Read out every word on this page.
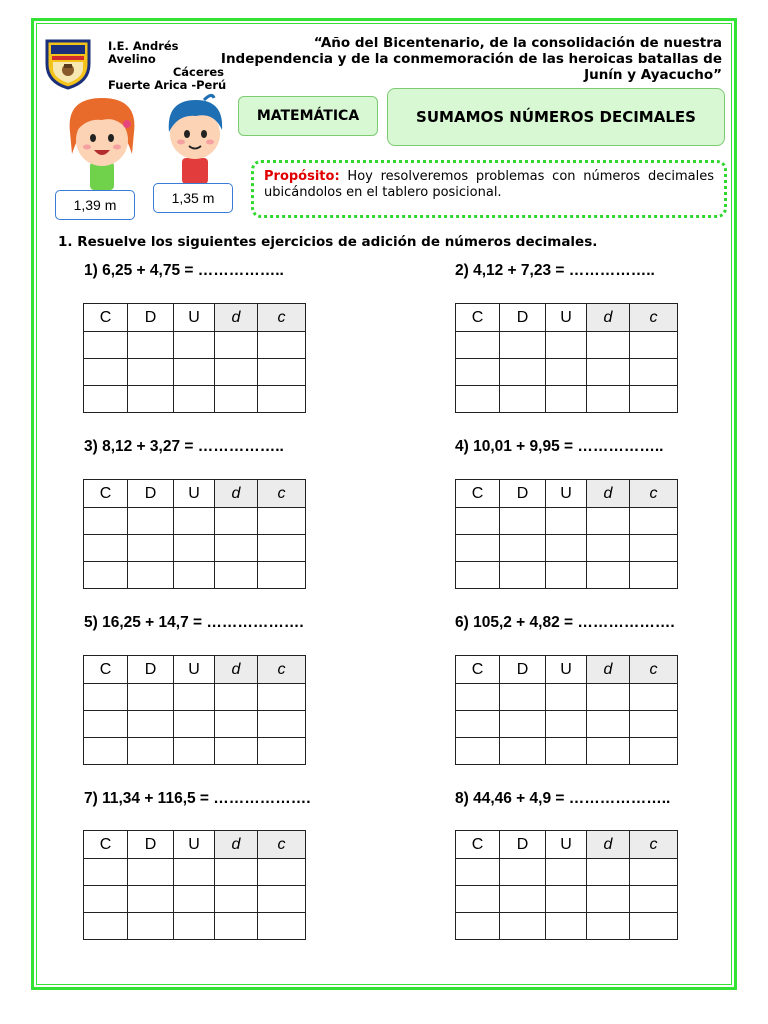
I.E. Andrés Avelino
Cáceres
Fuerte Arica -Perú
“Año del Bicentenario, de la consolidación de nuestra
Independencia y de la conmemoración de las heroicas batallas de
Junín y Ayacucho”
1,39 m	1,35 m
MATEMÁTICA	SUMAMOS NÚMEROS DECIMALES
Propósito: Hoy resolveremos problemas con números decimales ubicándolos en el tablero posicional.
1. Resuelve los siguientes ejercicios de adición de números decimales.
1) 6,25 + 4,75 = ……………..	2) 4,12 + 7,23 = ……………..
3) 8,12 + 3,27 = ……………..	4) 10,01 + 9,95 = ……………..
5) 16,25 + 14,7 = ……………….	6) 105,2 + 4,82 = ……………….
7) 11,34 + 116,5 = ……………….	8) 44,46 + 4,9 = ………………..
C	D	U	d	c

					C	D	U	d	c

C	D	U	d	c

					C	D	U	d	c

C	D	U	d	c

					C	D	U	d	c

C	D	U	d	c

					C	D	U	d	c
